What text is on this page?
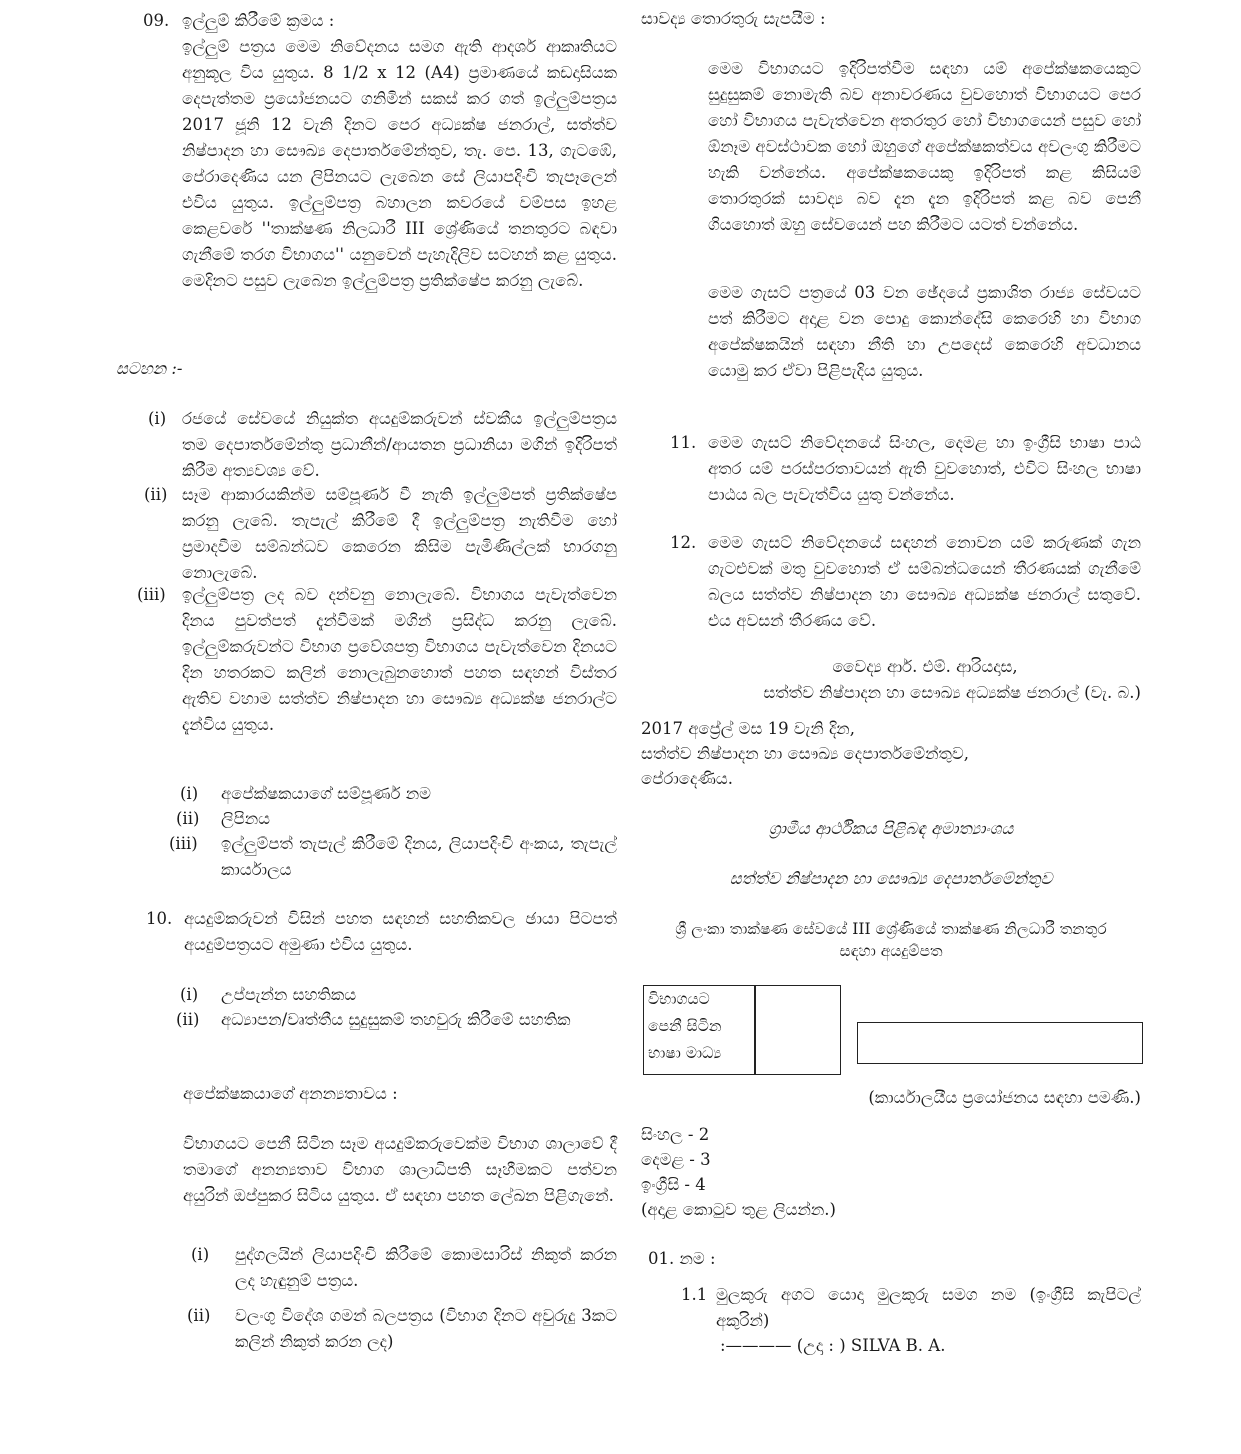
09. ඉල්ලුම් කිරීමේ ක්‍රමය :
ඉල්ලුම් පත්‍රය මෙම නිවේදනය සමග ඇති ආදර්ශ ආකෘතියට අනුකූල විය යුතුය. 8 1/2 x 12 (A4) ප්‍රමාණයේ කඩදාසියක දෙපැත්තම ප්‍රයෝජනයට ගනිමින් සකස් කර ගත් ඉල්ලුම්පත්‍රය 2017 ජූනි 12 වැනි දිනට පෙර අධ්‍යක්ෂ ජනරාල්, සත්ත්ව නිෂ්පාදන හා සෞඛ්‍ය දෙපාර්තමේන්තුව, තැ. පෙ. 13, ගැටඹේ, පේරාදෙණිය යන ලිපිනයට ලැබෙන සේ ලියාපදිංචි තැපෑලෙන් එවිය යුතුය. ඉල්ලුම්පත්‍ර බහාලන කවරයේ වම්පස ඉහළ කෙළවරේ ''තාක්ෂණ නිලධාරී III ශ්‍රේණියේ තනතුරට බඳවා ගැනීමේ තරග විභාගය'' යනුවෙන් පැහැදිලිව සටහන් කළ යුතුය. මෙදිනට පසුව ලැබෙන ඉල්ලුම්පත්‍ර ප්‍රතික්ෂේප කරනු ලැබේ.
සටහන :-
(i) රජයේ සේවයේ නියුක්ත අයදුම්කරුවන් ස්වකීය ඉල්ලුම්පත්‍රය තම දෙපාර්තමේන්තු ප්‍රධානීන්/ආයතන ප්‍රධානියා මගින් ඉදිරිපත් කිරීම අත්‍යවශ්‍ය වේ.
(ii) සෑම ආකාරයකින්ම සම්පූර්ණ වී නැති ඉල්ලුම්පත් ප්‍රතික්ෂේප කරනු ලැබේ. තැපැල් කිරීමේ දී ඉල්ලුම්පත්‍ර නැතිවීම හෝ ප්‍රමාදවීම සම්බන්ධව කෙරෙන කිසිම පැමිණිල්ලක් භාරගනු නොලැබේ.
(iii) ඉල්ලුම්පත්‍ර ලද බව දන්වනු නොලැබේ. විභාගය පැවැත්වෙන දිනය පුවත්පත් දැන්වීමක් මගින් ප්‍රසිද්ධ කරනු ලැබේ. ඉල්ලුම්කරුවන්ට විභාග ප්‍රවේශපත්‍ර විභාගය පැවැත්වෙන දිනයට දින හතරකට කලින් නොලැබුනහොත් පහත සඳහන් විස්තර ඇතිව වහාම සත්ත්ව නිෂ්පාදන හා සෞඛ්‍ය අධ්‍යක්ෂ ජනරාල්ට දැන්විය යුතුය.
(i) අපේක්ෂකයාගේ සම්පූර්ණ නම
(ii) ලිපිනය
(iii) ඉල්ලුම්පත් තැපැල් කිරීමේ දිනය, ලියාපදිංචි අංකය, තැපැල් කාර්යාලය
10. අයදුම්කරුවන් විසින් පහත සඳහන් සහතිකවල ඡායා පිටපත් අයදුම්පත්‍රයට අමුණා එවිය යුතුය.
(i) උප්පැන්න සහතිකය
(ii) අධ්‍යාපන/වෘත්තීය සුදුසුකම් තහවුරු කිරීමේ සහතික
අපේක්ෂකයාගේ අනන්‍යතාවය :
විභාගයට පෙනී සිටින සෑම අයදුම්කරුවෙක්ම විභාග ශාලාවේ දී තමාගේ අනන්‍යතාව විභාග ශාලාධිපති සෑහීමකට පත්වන අයුරින් ඔප්පුකර සිටිය යුතුය. ඒ සඳහා පහත ලේඛන පිළිගැනේ.
(i) පුද්ගලයින් ලියාපදිංචි කිරීමේ කොමසාරිස් නිකුත් කරන ලද හැඳුනුම් පත්‍රය.
(ii) වලංගු විදේශ ගමන් බලපත්‍රය (විභාග දිනට අවුරුදු 3කට කලින් නිකුත් කරන ලද)
සාවද්‍ය තොරතුරු සැපයීම :
මෙම විභාගයට ඉදිරිපත්වීම සඳහා යම් අපේක්ෂකයෙකුට සුදුසුකම් නොමැති බව අනාවරණය වුවහොත් විභාගයට පෙර හෝ විභාගය පැවැත්වෙන අතරතුර හෝ විභාගයෙන් පසුව හෝ ඕනෑම අවස්ථාවක හෝ ඔහුගේ අපේක්ෂකත්වය අවලංගු කිරීමට හැකි වන්නේය. අපේක්ෂකයෙකු ඉදිරිපත් කළ කිසියම් තොරතුරක් සාවද්‍ය බව දැන දැන ඉදිරිපත් කළ බව පෙනී ගියහොත් ඔහු සේවයෙන් පහ කිරීමට යටත් වන්නේය.
මෙම ගැසට් පත්‍රයේ 03 වන ඡේදයේ ප්‍රකාශිත රාජ්‍ය සේවයට පත් කිරීමට අදාළ වන පොදු කොන්දේසි කෙරෙහි හා විභාග අපේක්ෂකයින් සඳහා නීති හා උපදෙස් කෙරෙහි අවධානය යොමු කර ඒවා පිළිපැදිය යුතුය.
11. මෙම ගැසට් නිවේදනයේ සිංහල, දෙමළ හා ඉංග්‍රීසි භාෂා පාඨ අතර යම් පරස්පරතාවයන් ඇති වුවහොත්, එවිට සිංහල භාෂා පාඨය බල පැවැත්විය යුතු වන්නේය.
12. මෙම ගැසට් නිවේදනයේ සඳහන් නොවන යම් කරුණක් ගැන ගැටළුවක් මතු වුවහොත් ඒ සම්බන්ධයෙන් තීරණයක් ගැනීමේ බලය සත්ත්ව නිෂ්පාදන හා සෞඛ්‍ය අධ්‍යක්ෂ ජනරාල් සතුවේ. එය අවසන් තීරණය වේ.
වෛද්‍ය ආර්. එම්. ආරියදාස,
සත්ත්ව නිෂ්පාදන හා සෞඛ්‍ය අධ්‍යක්ෂ ජනරාල් (වැ. බ.)
2017 අප්‍රේල් මස 19 වැනි දින,
සත්ත්ව නිෂ්පාදන හා සෞඛ්‍ය දෙපාර්තමේන්තුව,
පේරාදෙණිය.
ග්‍රාමීය ආර්ථිකය පිළිබඳ අමාත්‍යාංශය
සත්ත්ව නිෂ්පාදන හා සෞඛ්‍ය දෙපාර්තමේන්තුව
ශ්‍රී ලංකා තාක්ෂණ සේවයේ III ශ්‍රේණියේ තාක්ෂණ නිලධාරී තනතුර
සඳහා අයදුම්පත
විභාගයට
පෙනී සිටින
භාෂා මාධ්‍ය
(කාර්යාලයීය ප්‍රයෝජනය සඳහා පමණි.)
සිංහල - 2
දෙමළ - 3
ඉංග්‍රීසි - 4
(අදාළ කොටුව තුළ ලියන්න.)
01. නම :
1.1 මුලකුරු අගට යොදා මුලකුරු සමග නම (ඉංග්‍රීසි කැපිටල් අකුරින්)
:———— (උදා : ) SILVA B. A.
